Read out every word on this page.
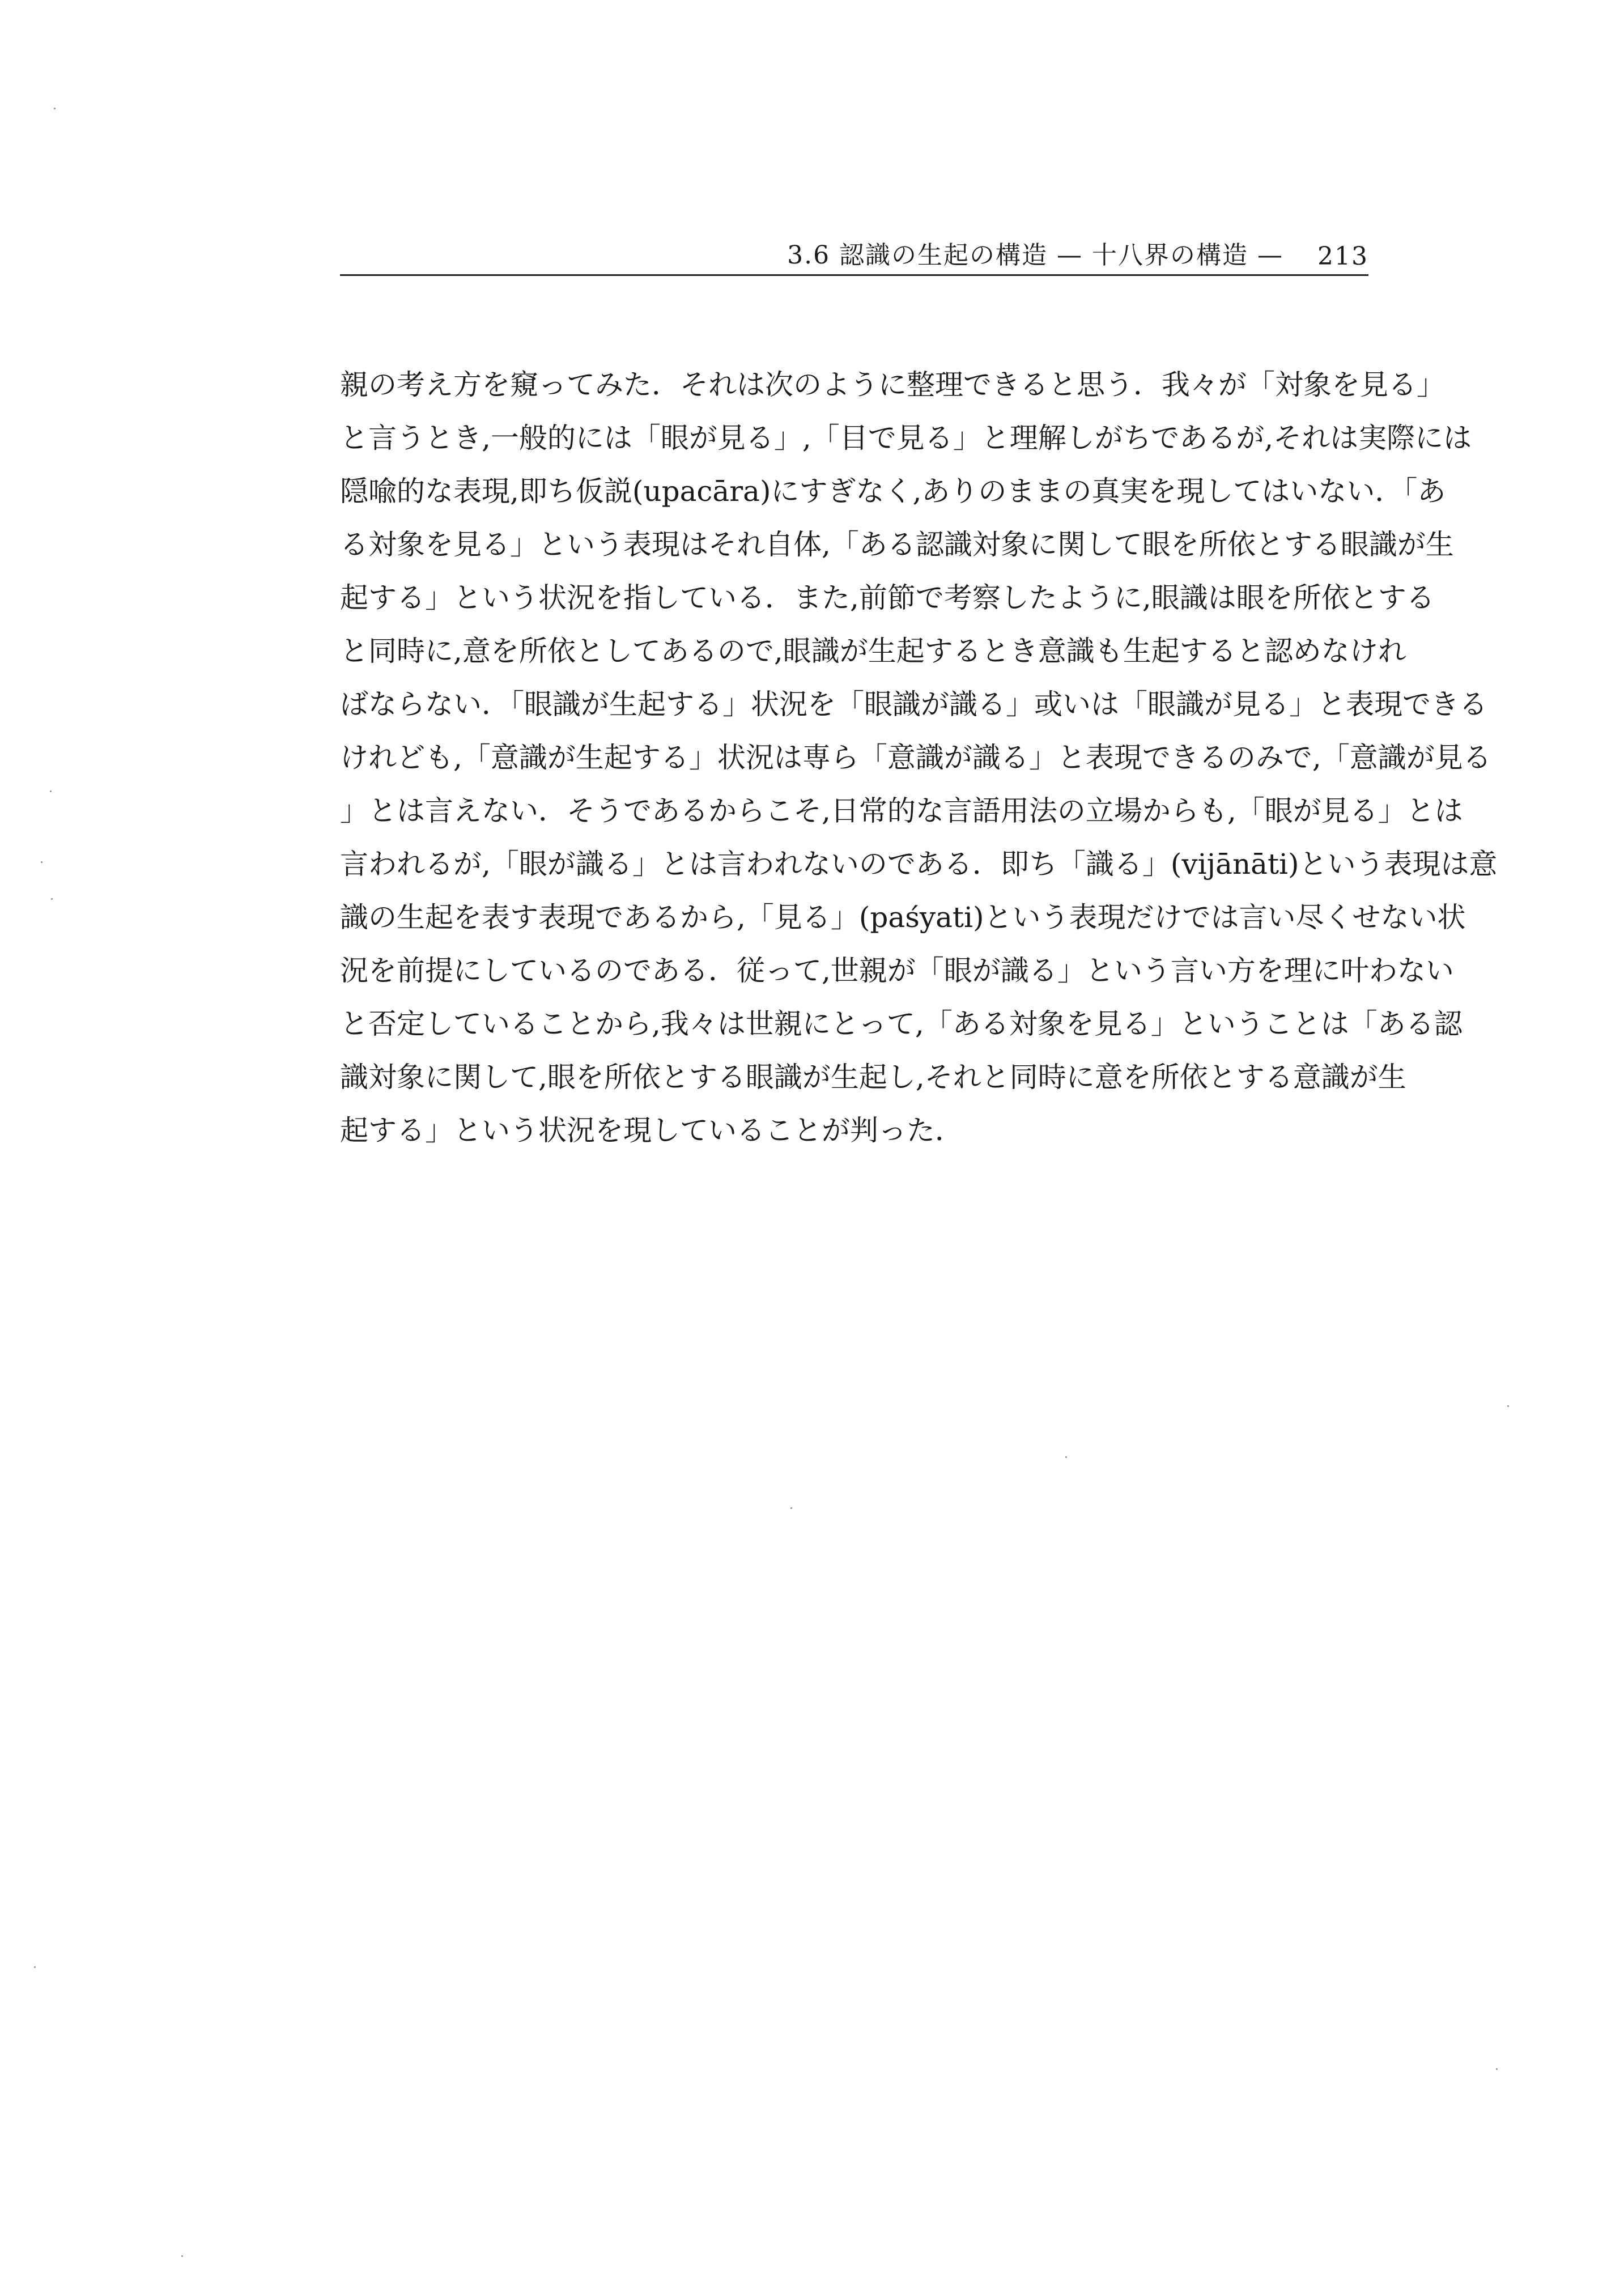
3.6 認識の生起の構造 — 十八界の構造 — 213
親の考え方を窺ってみた．それは次のように整理できると思う．我々が「対象を見る」
と言うとき,一般的には「眼が見る」,「目で見る」と理解しがちであるが,それは実際には
隠喩的な表現,即ち仮説(upacāra)にすぎなく,ありのままの真実を現してはいない．「あ
る対象を見る」という表現はそれ自体,「ある認識対象に関して眼を所依とする眼識が生
起する」という状況を指している．また,前節で考察したように,眼識は眼を所依とする
と同時に,意を所依としてあるので,眼識が生起するとき意識も生起すると認めなけれ
ばならない．「眼識が生起する」状況を「眼識が識る」或いは「眼識が見る」と表現できる
けれども,「意識が生起する」状況は専ら「意識が識る」と表現できるのみで,「意識が見る
」とは言えない．そうであるからこそ,日常的な言語用法の立場からも,「眼が見る」とは
言われるが,「眼が識る」とは言われないのである．即ち「識る」(vijānāti)という表現は意
識の生起を表す表現であるから,「見る」(paśyati)という表現だけでは言い尽くせない状
況を前提にしているのである．従って,世親が「眼が識る」という言い方を理に叶わない
と否定していることから,我々は世親にとって,「ある対象を見る」ということは「ある認
識対象に関して,眼を所依とする眼識が生起し,それと同時に意を所依とする意識が生
起する」という状況を現していることが判った．
